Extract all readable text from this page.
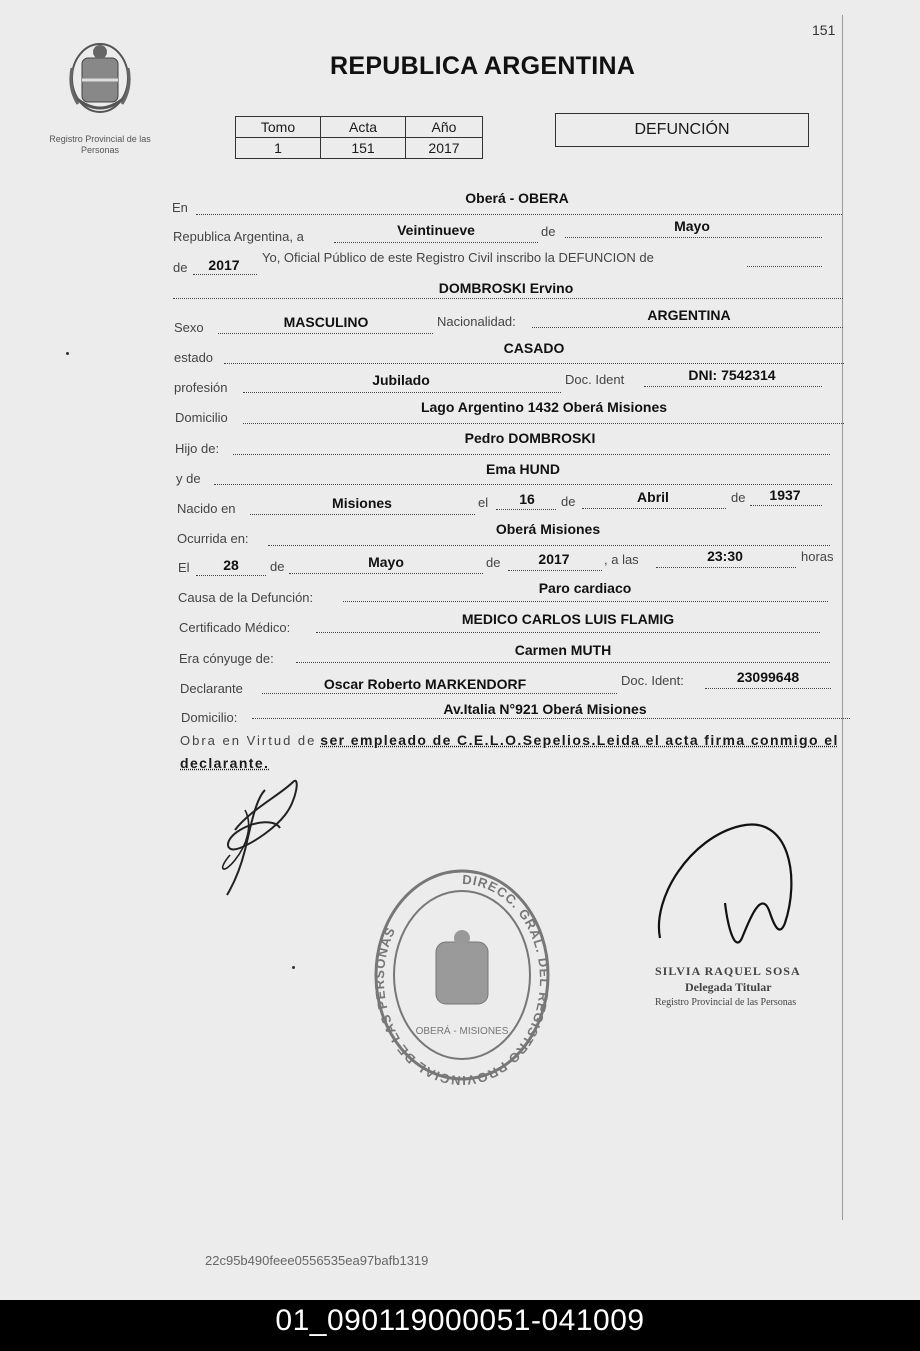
151
Registro Provincial de las Personas
REPUBLICA ARGENTINA
Tomo	Acta	Año
1	151	2017
DEFUNCIÓN
En
Oberá - OBERA
Republica Argentina, a	Veintinueve	de	Mayo
de 2017 Yo, Oficial Público de este Registro Civil inscribo la DEFUNCION de
DOMBROSKI Ervino
Sexo	MASCULINO	Nacionalidad:	ARGENTINA
estado
CASADO
profesión	Jubilado	Doc. Ident	DNI: 7542314
Domicilio
Lago Argentino 1432 Oberá Misiones
Hijo de:
Pedro DOMBROSKI
y de
Ema HUND
Nacido en	Misiones	el 16 de	Abril	de 1937
Ocurrida en:
Oberá Misiones
El 28 de	Mayo	de	2017	, a las	23:30	horas
Causa de la Defunción:
Paro cardiaco
Certificado Médico:
MEDICO CARLOS LUIS FLAMIG
Era cónyuge de:
Carmen MUTH
Declarante	Oscar Roberto MARKENDORF	Doc. Ident:	23099648
Domicilio:
Av.Italia N°921 Oberá Misiones
Obra en Virtud de ser empleado de C.E.L.O.Sepelios.Leida el acta firma conmigo el declarante.
DIRECC. GRAL. DEL REGISTRO PROVINCIAL DE LAS PERSONAS
OBERÁ - MISIONES
SILVIA RAQUEL SOSA
Delegada Titular
Registro Provincial de las Personas
22c95b490feee0556535ea97bafb1319
01_090119000051-041009
